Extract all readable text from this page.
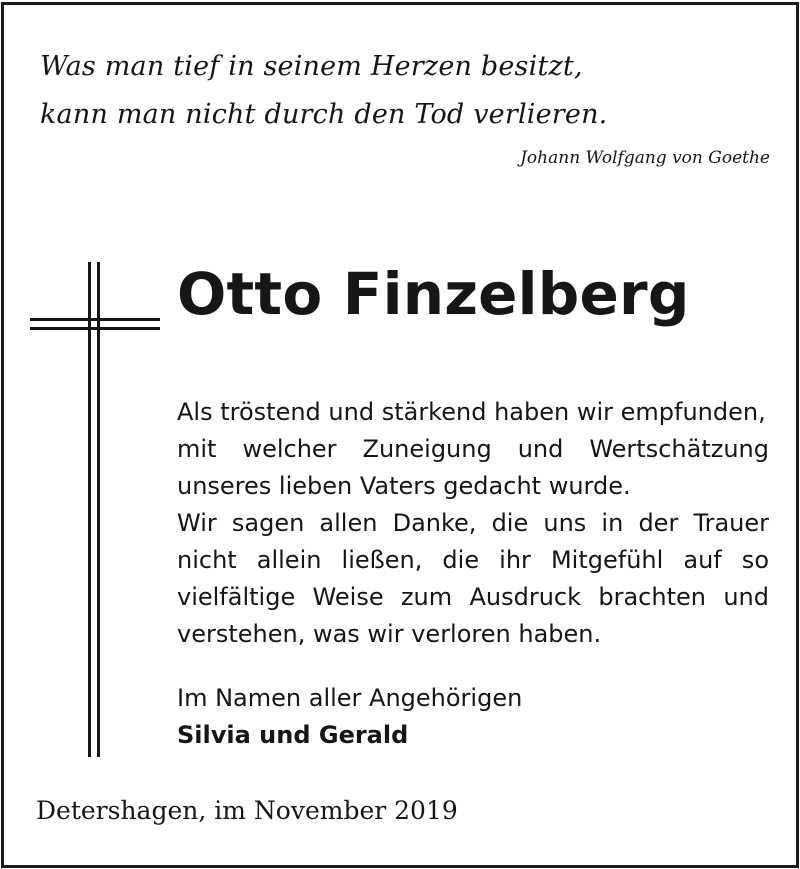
Was man tief in seinem Herzen besitzt,
kann man nicht durch den Tod verlieren.
Johann Wolfgang von Goethe
Otto Finzelberg
Als tröstend und stärkend haben wir empfunden,
mit welcher Zuneigung und Wertschätzung
unseres lieben Vaters gedacht wurde.
Wir sagen allen Danke, die uns in der Trauer
nicht allein ließen, die ihr Mitgefühl auf so
vielfältige Weise zum Ausdruck brachten und
verstehen, was wir verloren haben.
Im Namen aller Angehörigen
Silvia und Gerald
Detershagen, im November 2019
